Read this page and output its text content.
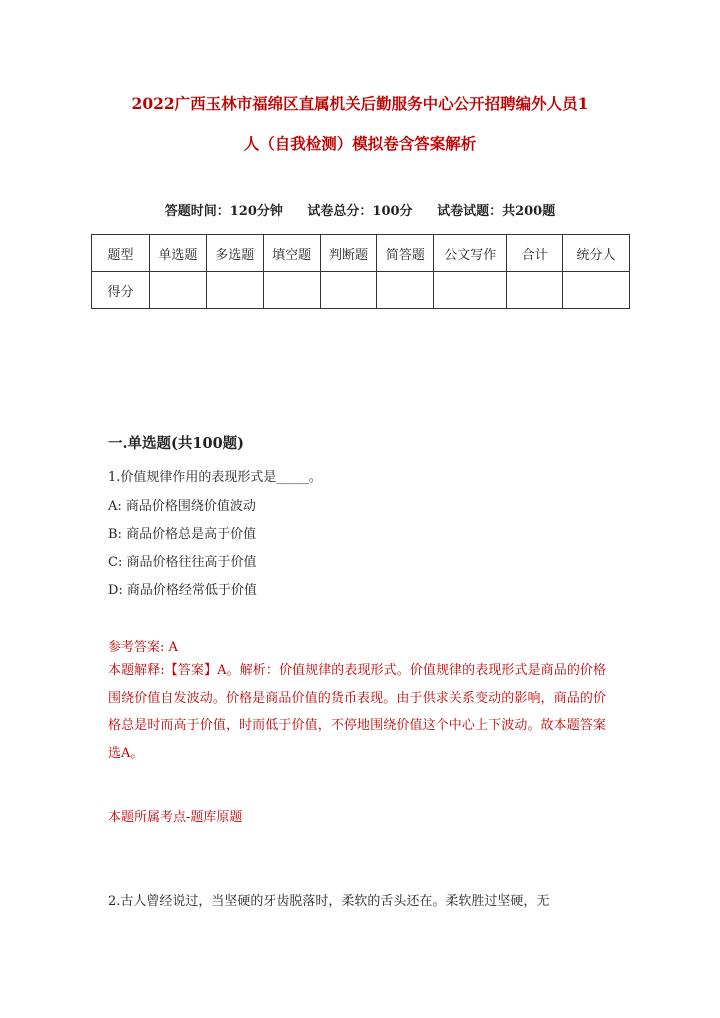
2022广西玉林市福绵区直属机关后勤服务中心公开招聘编外人员1
人（自我检测）模拟卷含答案解析
答题时间：120分钟 试卷总分：100分 试卷试题：共200题
题型	单选题	多选题	填空题	判断题	简答题	公文写作	合计	统分人
得分								
一.单选题(共100题)
1.价值规律作用的表现形式是_____。
A: 商品价格围绕价值波动
B: 商品价格总是高于价值
C: 商品价格往往高于价值
D: 商品价格经常低于价值
参考答案: A
本题解释:【答案】A。解析：价值规律的表现形式。价值规律的表现形式是商品的价格围绕价值自发波动。价格是商品价值的货币表现。由于供求关系变动的影响，商品的价格总是时而高于价值，时而低于价值，不停地围绕价值这个中心上下波动。故本题答案选A。
本题所属考点-题库原题
2.古人曾经说过，当坚硬的牙齿脱落时，柔软的舌头还在。柔软胜过坚硬，无
